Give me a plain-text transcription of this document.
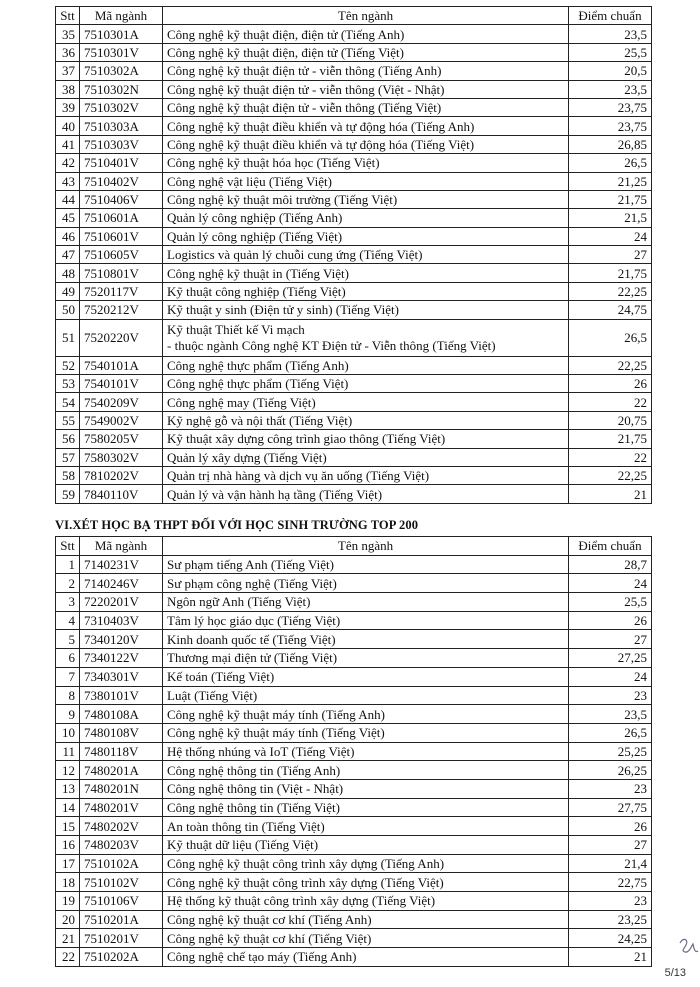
Stt	Mã ngành	Tên ngành	Điểm chuẩn
35	7510301A	Công nghệ kỹ thuật điện, điện tử (Tiếng Anh)	23,5
36	7510301V	Công nghệ kỹ thuật điện, điện tử (Tiếng Việt)	25,5
37	7510302A	Công nghệ kỹ thuật điện tử - viễn thông (Tiếng Anh)	20,5
38	7510302N	Công nghệ kỹ thuật điện tử - viễn thông (Việt - Nhật)	23,5
39	7510302V	Công nghệ kỹ thuật điện tử - viễn thông (Tiếng Việt)	23,75
40	7510303A	Công nghệ kỹ thuật điều khiển và tự động hóa (Tiếng Anh)	23,75
41	7510303V	Công nghệ kỹ thuật điều khiển và tự động hóa (Tiếng Việt)	26,85
42	7510401V	Công nghệ kỹ thuật hóa học (Tiếng Việt)	26,5
43	7510402V	Công nghệ vật liệu (Tiếng Việt)	21,25
44	7510406V	Công nghệ kỹ thuật môi trường (Tiếng Việt)	21,75
45	7510601A	Quản lý công nghiệp (Tiếng Anh)	21,5
46	7510601V	Quản lý công nghiệp (Tiếng Việt)	24
47	7510605V	Logistics và quản lý chuỗi cung ứng (Tiếng Việt)	27
48	7510801V	Công nghệ kỹ thuật in (Tiếng Việt)	21,75
49	7520117V	Kỹ thuật công nghiệp (Tiếng Việt)	22,25
50	7520212V	Kỹ thuật y sinh (Điện tử y sinh) (Tiếng Việt)	24,75
51	7520220V	Kỹ thuật Thiết kế Vi mạch
- thuộc ngành Công nghệ KT Điện tử - Viễn thông (Tiếng Việt)	26,5
52	7540101A	Công nghệ thực phẩm (Tiếng Anh)	22,25
53	7540101V	Công nghệ thực phẩm (Tiếng Việt)	26
54	7540209V	Công nghệ may (Tiếng Việt)	22
55	7549002V	Kỹ nghệ gỗ và nội thất (Tiếng Việt)	20,75
56	7580205V	Kỹ thuật xây dựng công trình giao thông (Tiếng Việt)	21,75
57	7580302V	Quản lý xây dựng (Tiếng Việt)	22
58	7810202V	Quản trị nhà hàng và dịch vụ ăn uống (Tiếng Việt)	22,25
59	7840110V	Quản lý và vận hành hạ tầng (Tiếng Việt)	21
VI.XÉT HỌC BẠ THPT ĐỐI VỚI HỌC SINH TRƯỜNG TOP 200
Stt	Mã ngành	Tên ngành	Điểm chuẩn
1	7140231V	Sư phạm tiếng Anh (Tiếng Việt)	28,7
2	7140246V	Sư phạm công nghệ (Tiếng Việt)	24
3	7220201V	Ngôn ngữ Anh (Tiếng Việt)	25,5
4	7310403V	Tâm lý học giáo dục (Tiếng Việt)	26
5	7340120V	Kinh doanh quốc tế (Tiếng Việt)	27
6	7340122V	Thương mại điện tử (Tiếng Việt)	27,25
7	7340301V	Kế toán (Tiếng Việt)	24
8	7380101V	Luật (Tiếng Việt)	23
9	7480108A	Công nghệ kỹ thuật máy tính (Tiếng Anh)	23,5
10	7480108V	Công nghệ kỹ thuật máy tính (Tiếng Việt)	26,5
11	7480118V	Hệ thống nhúng và IoT (Tiếng Việt)	25,25
12	7480201A	Công nghệ thông tin (Tiếng Anh)	26,25
13	7480201N	Công nghệ thông tin (Việt - Nhật)	23
14	7480201V	Công nghệ thông tin (Tiếng Việt)	27,75
15	7480202V	An toàn thông tin (Tiếng Việt)	26
16	7480203V	Kỹ thuật dữ liệu (Tiếng Việt)	27
17	7510102A	Công nghệ kỹ thuật công trình xây dựng (Tiếng Anh)	21,4
18	7510102V	Công nghệ kỹ thuật công trình xây dựng (Tiếng Việt)	22,75
19	7510106V	Hệ thống kỹ thuật công trình xây dựng (Tiếng Việt)	23
20	7510201A	Công nghệ kỹ thuật cơ khí (Tiếng Anh)	23,25
21	7510201V	Công nghệ kỹ thuật cơ khí (Tiếng Việt)	24,25
22	7510202A	Công nghệ chế tạo máy (Tiếng Anh)	21
5/13
